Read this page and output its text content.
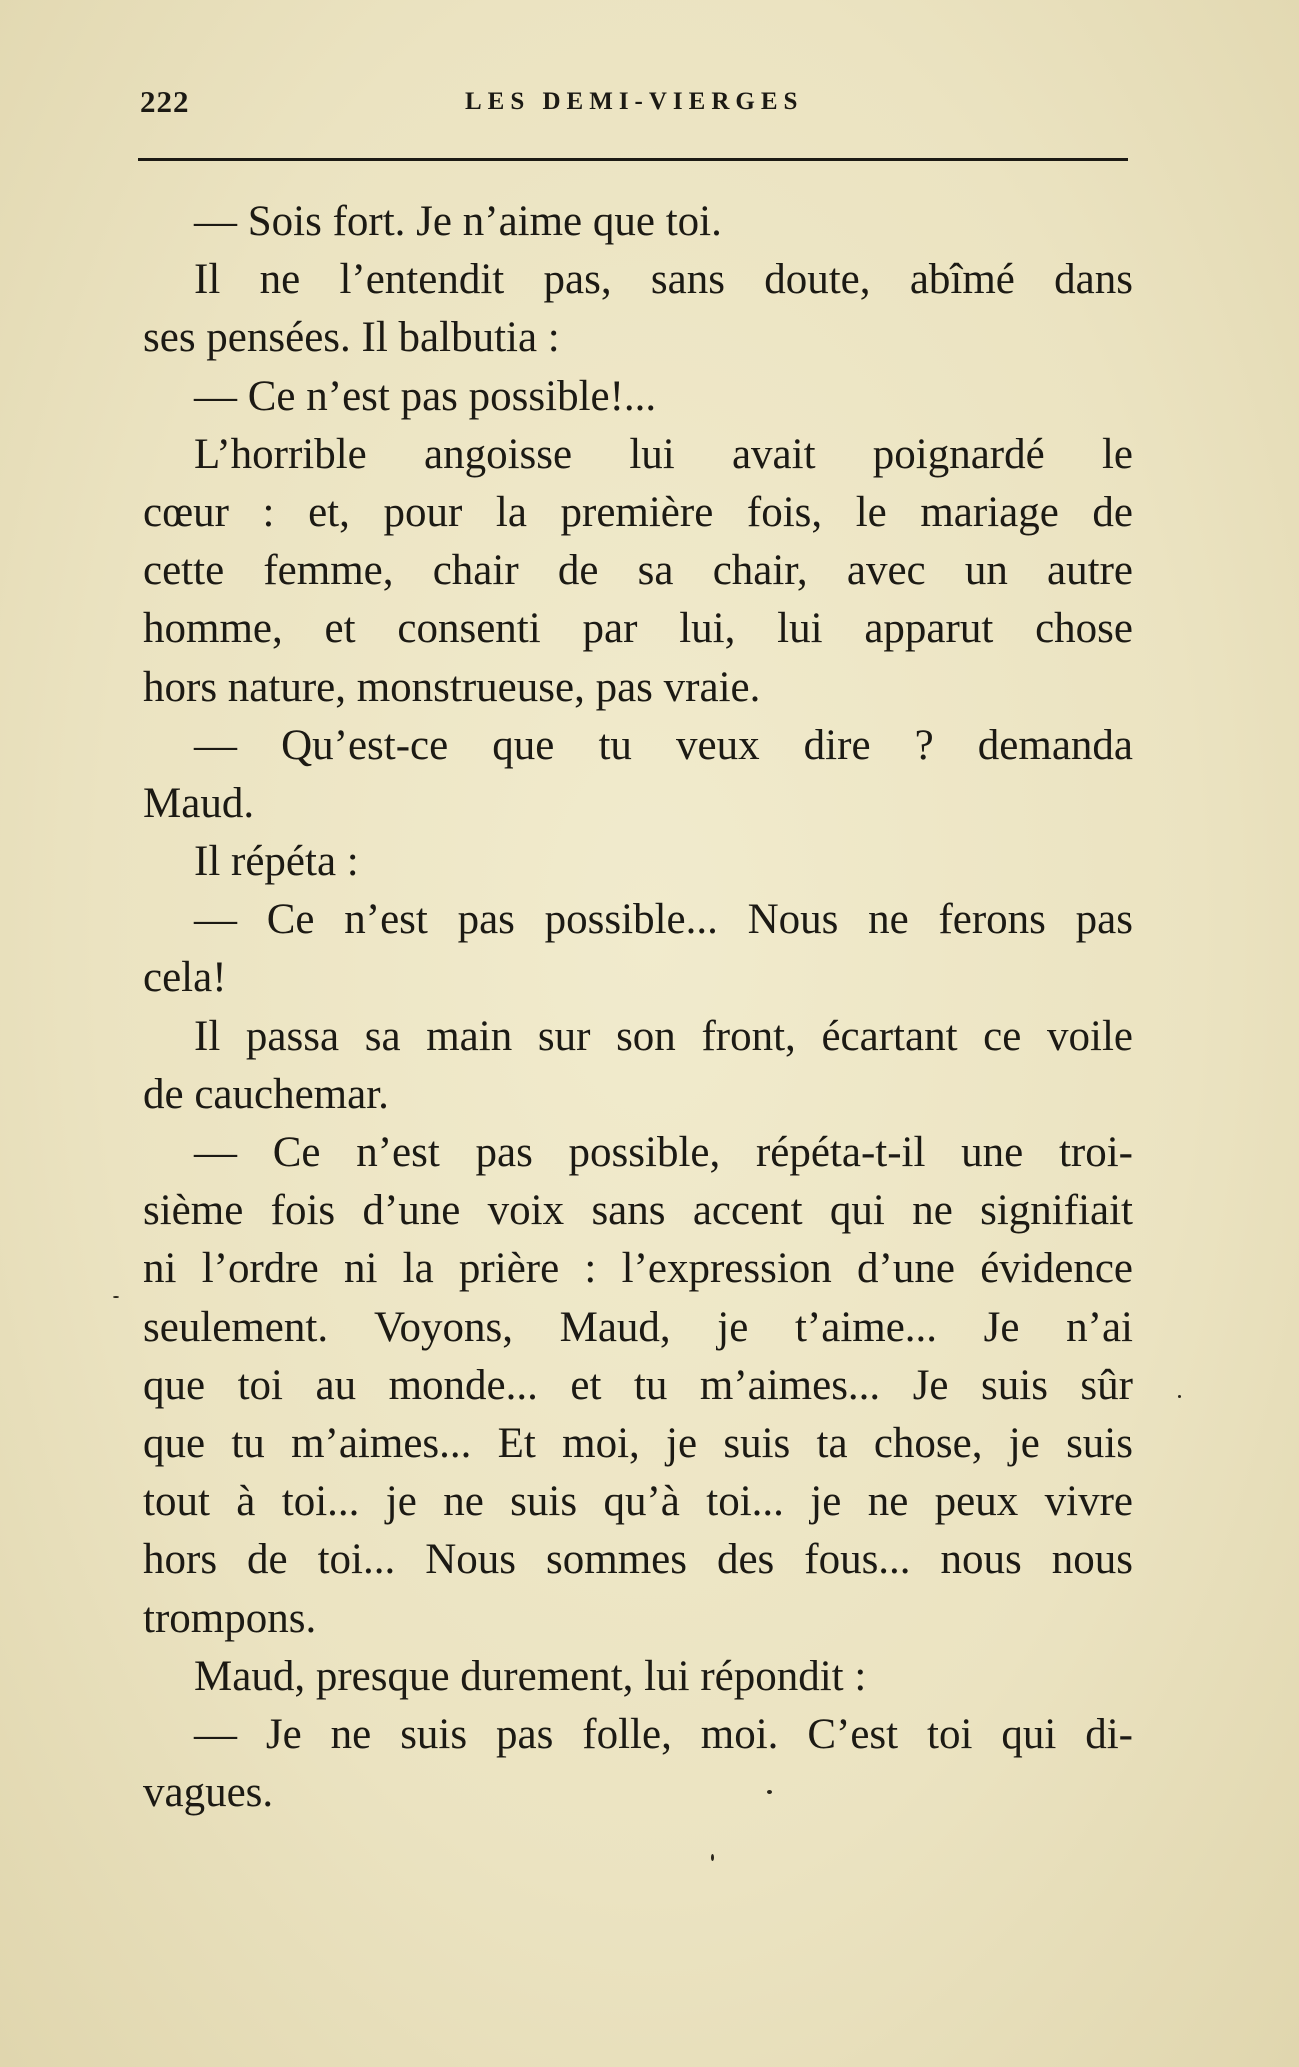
222	LES DEMI-VIERGES
— Sois fort. Je n’aime que toi.
Il ne l’entendit pas, sans doute, abîmé dans
ses pensées. Il balbutia :
— Ce n’est pas possible!...
L’horrible angoisse lui avait poignardé le
cœur : et, pour la première fois, le mariage de
cette femme, chair de sa chair, avec un autre
homme, et consenti par lui, lui apparut chose
hors nature, monstrueuse, pas vraie.
— Qu’est-ce que tu veux dire ? demanda
Maud.
Il répéta :
— Ce n’est pas possible... Nous ne ferons pas
cela!
Il passa sa main sur son front, écartant ce voile
de cauchemar.
— Ce n’est pas possible, répéta-t-il une troi-
sième fois d’une voix sans accent qui ne signifiait
ni l’ordre ni la prière : l’expression d’une évidence
seulement. Voyons, Maud, je t’aime... Je n’ai
que toi au monde... et tu m’aimes... Je suis sûr
que tu m’aimes... Et moi, je suis ta chose, je suis
tout à toi... je ne suis qu’à toi... je ne peux vivre
hors de toi... Nous sommes des fous... nous nous
trompons.
Maud, presque durement, lui répondit :
— Je ne suis pas folle, moi. C’est toi qui di-
vagues.
